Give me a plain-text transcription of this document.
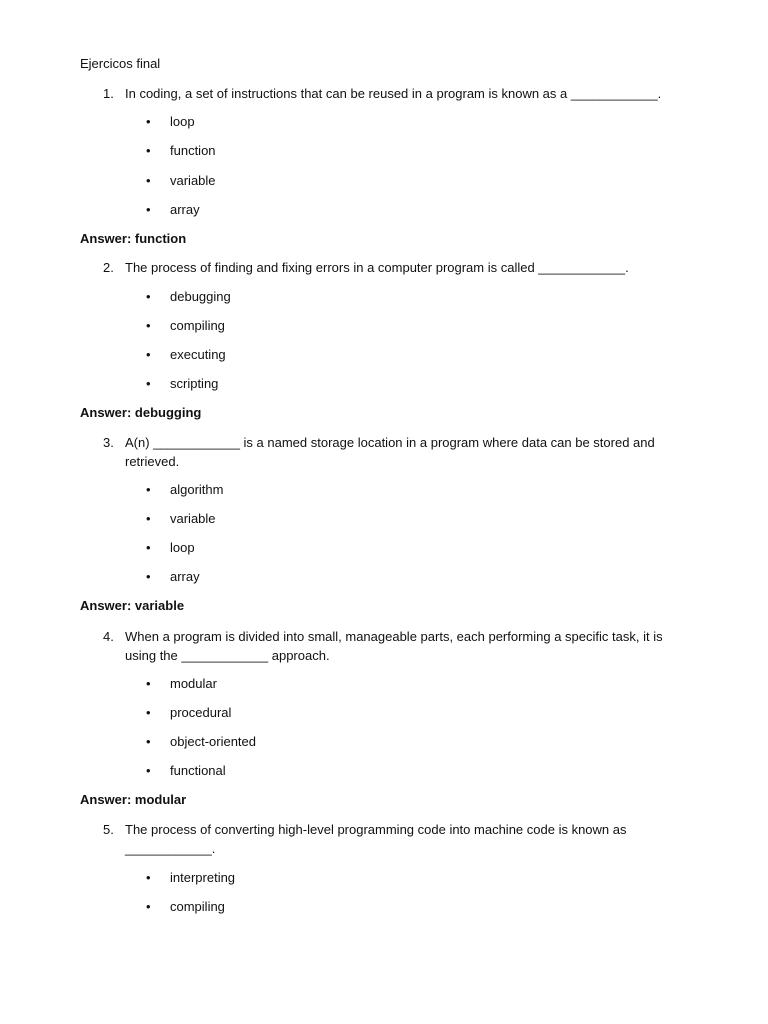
Ejercicos final
1. In coding, a set of instructions that can be reused in a program is known as a ____________.
• loop
• function
• variable
• array
Answer: function
2. The process of finding and fixing errors in a computer program is called ____________.
• debugging
• compiling
• executing
• scripting
Answer: debugging
3. A(n) ____________ is a named storage location in a program where data can be stored and retrieved.
• algorithm
• variable
• loop
• array
Answer: variable
4. When a program is divided into small, manageable parts, each performing a specific task, it is using the ____________ approach.
• modular
• procedural
• object-oriented
• functional
Answer: modular
5. The process of converting high-level programming code into machine code is known as ____________.
• interpreting
• compiling
